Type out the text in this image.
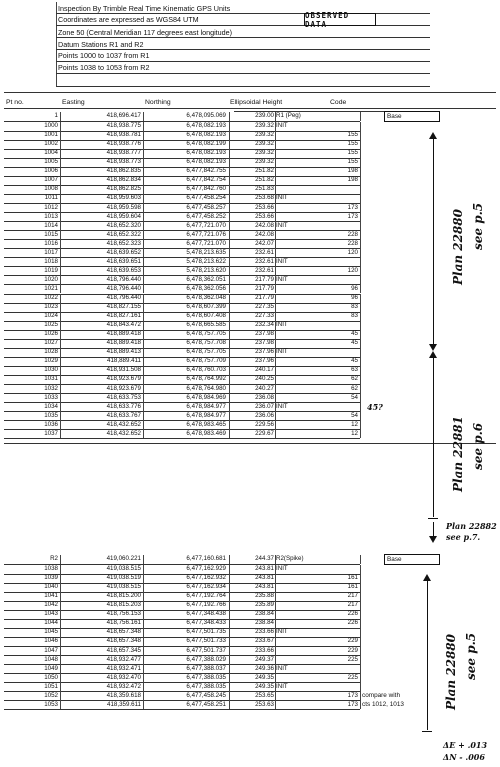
Inspection By Trimble Real Time Kinematic GPS Units
Coordinates are expressed as WGS84 UTM
Zone 50 (Central Meridian 117 degrees east longitude)
Datum Stations R1 and R2
Points 1000 to 1037 from R1
Points 1038 to 1053 from R2
OBSERVED DATA
Pt no.	Easting	Northing	Ellipsoidal Height	Code
1	418,696.417	6,478,095.069	239.00 R1 (Peg)	Base
1000	418,938.775	6,478,082.193	239.32 INIT
1001	418,938.781	6,478,082.193	239.32	155
1002	418,938.776	6,478,082.199	239.32	155
1004	418,938.777	6,478,082.193	239.32	155
1005	418,938.773	6,478,082.193	239.32	155
1006	418,862.835	6,477,842.755	251.82	198
1007	418,862.834	6,477,842.754	251.82	198
1008	418,862.825	6,477,842.760	251.83
1011	418,959.603	6,477,458.254	253.68 INIT
1012	418,959.598	6,477,458.257	253.66	173
1013	418,959.604	6,477,458.252	253.66	173
1014	418,652.320	6,477,721.070	242.08 INIT
1015	418,652.322	6,477,721.076	242.08	228
1016	418,652.323	6,477,721.070	242.07	228
1017	418,639.652	5,478,213.635	232.61	120
1018	418,639.651	5,478,213.622	232.61 INIT
1019	418,639.653	5,478,213.620	232.61	120
1020	418,796.440	6,478,362.051	217.79 INIT
1021	418,796.440	6,478,362.056	217.79	96
1022	418,796.440	6,478,362.048	217.79	96
1023	418,827.155	6,478,607.399	227.35	83
1024	418,827.161	6,478,607.408	227.33	83
1025	418,843.472	6,478,665.585	232.34 INIT
1026	418,889.418	6,478,757.705	237.98	45
1027	418,889.418	6,478,757.708	237.98	45
1028	418,889.413	6,478,757.705	237.96 INIT
1029	418,889.411	6,478,757.709	237.96	45
1030	418,931.508	6,478,760.703	240.17	63
1031	418,923.679	6,478,764.992	240.25	62
1032	418,923.679	6,478,764.980	240.27	62
1033	418,633.753	6,478,984.969	236.08	54
1034	418,633.776	6,478,984.977	236.07 INIT
1035	418,633.767	6,478,984.977	236.06	54
1036	418,432.652	6,478,983.465	229.56	12
1037	418,432.652	6,478,983.469	229.67	12
R2	419,060.221	6,477,160.681	244.37 R2(Spike)	Base
1038	419,038.515	6,477,162.929	243.81 INIT
1039	419,038.519	6,477,162.932	243.81	161
1040	419,038.515	6,477,162.934	243.81	161
1041	418,815.200	6,477,192.764	235.88	217
1042	418,815.203	6,477,192.766	235.89	217
1043	418,756.153	6,477,348.438	238.84	226
1044	418,756.161	6,477,348.433	238.84	226
1045	418,657.348	6,477,501.735	233.66 INIT
1046	418,657.348	6,477,501.733	233.67	229
1047	418,657.345	6,477,501.737	233.66	229
1048	418,932.477	6,477,388.029	249.37	225
1049	418,932.471	6,477,388.037	249.36 INIT
1050	418,932.470	6,477,388.035	249.35	225
1051	418,932.472	6,477,388.035	249.35 INIT
1052	418,359.618	6,477,458.245	253.65	173 compare with
1053	418,359.611	6,477,458.251	253.63	173 cts 1012, 1013
Plan 22880 see p.5
Plan 22881 see p.6
45?
Plan 22882
see p.7.
Plan 22880 see p.5
ΔE + .013
ΔN - .006
